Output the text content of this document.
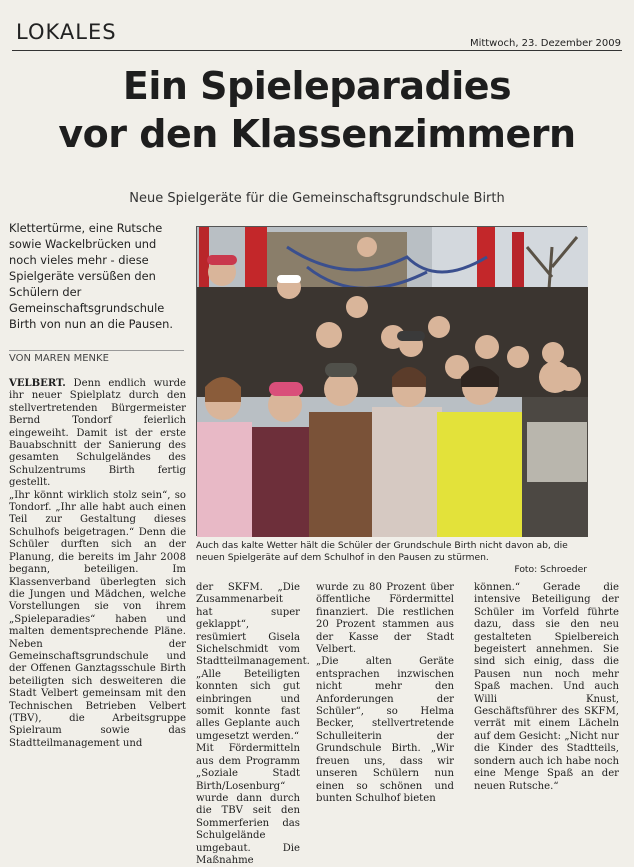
LOKALES	Mittwoch, 23. Dezember 2009
Ein Spieleparadies
vor den Klassenzimmern
Neue Spielgeräte für die Gemeinschaftsgrundschule Birth
Klettertürme, eine Rutsche sowie Wackelbrücken und noch vieles mehr - diese Spielgeräte versüßen den Schülern der Gemeinschaftsgrundschule Birth von nun an die Pausen.
VON MAREN MENKE
Auch das kalte Wetter hält die Schüler der Grundschule Birth nicht davon ab, die neuen Spielgeräte auf dem Schulhof in den Pausen zu stürmen.
Foto: Schroeder
VELBERT. Denn endlich wurde ihr neuer Spielplatz durch den stellvertretenden Bürgermeister Bernd Tondorf feierlich eingeweiht. Damit ist der erste Bauabschnitt der Sanierung des gesamten Schulgeländes des Schulzentrums Birth fertig gestellt.
„Ihr könnt wirklich stolz sein“, so Tondorf. „Ihr alle habt auch einen Teil zur Gestaltung dieses Schulhofs beigetragen.“ Denn die Schüler durften sich an der Planung, die bereits im Jahr 2008 begann, beteiligen. Im Klassenverband überlegten sich die Jungen und Mädchen, welche Vorstellungen sie von ihrem „Spieleparadies“ haben und malten dementsprechende Pläne. Neben der Gemeinschaftsgrundschule und der Offenen Ganztagsschule Birth beteiligten sich desweiteren die Stadt Velbert gemeinsam mit den Technischen Betrieben Velbert (TBV), die Arbeitsgruppe Spielraum sowie das Stadtteilmanagement und
der SKFM. „Die Zusammenarbeit hat super geklappt“, resümiert Gisela Sichelschmidt vom Stadtteilmanagement. „Alle Beteiligten konnten sich gut einbringen und somit konnte fast alles Geplante auch umgesetzt werden.“
Mit Fördermitteln aus dem Programm „Soziale Stadt Birth/Losenburg“ wurde dann durch die TBV seit den Sommerferien das Schulgelände umgebaut. Die Maßnahme
wurde zu 80 Prozent über öffentliche Fördermittel finanziert. Die restlichen 20 Prozent stammen aus der Kasse der Stadt Velbert.
„Die alten Geräte entsprachen inzwischen nicht mehr den Anforderungen der Schüler“, so Helma Becker, stellvertretende Schulleiterin der Grundschule Birth. „Wir freuen uns, dass wir unseren Schülern nun einen so schönen und bunten Schulhof bieten
können.“ Gerade die intensive Beteiligung der Schüler im Vorfeld führte dazu, dass sie den neu gestalteten Spielbereich begeistert annehmen. Sie sind sich einig, dass die Pausen nun noch mehr Spaß machen. Und auch Willi Knust, Geschäftsführer des SKFM, verrät mit einem Lächeln auf dem Gesicht: „Nicht nur die Kinder des Stadtteils, sondern auch ich habe noch eine Menge Spaß an der neuen Rutsche.“
